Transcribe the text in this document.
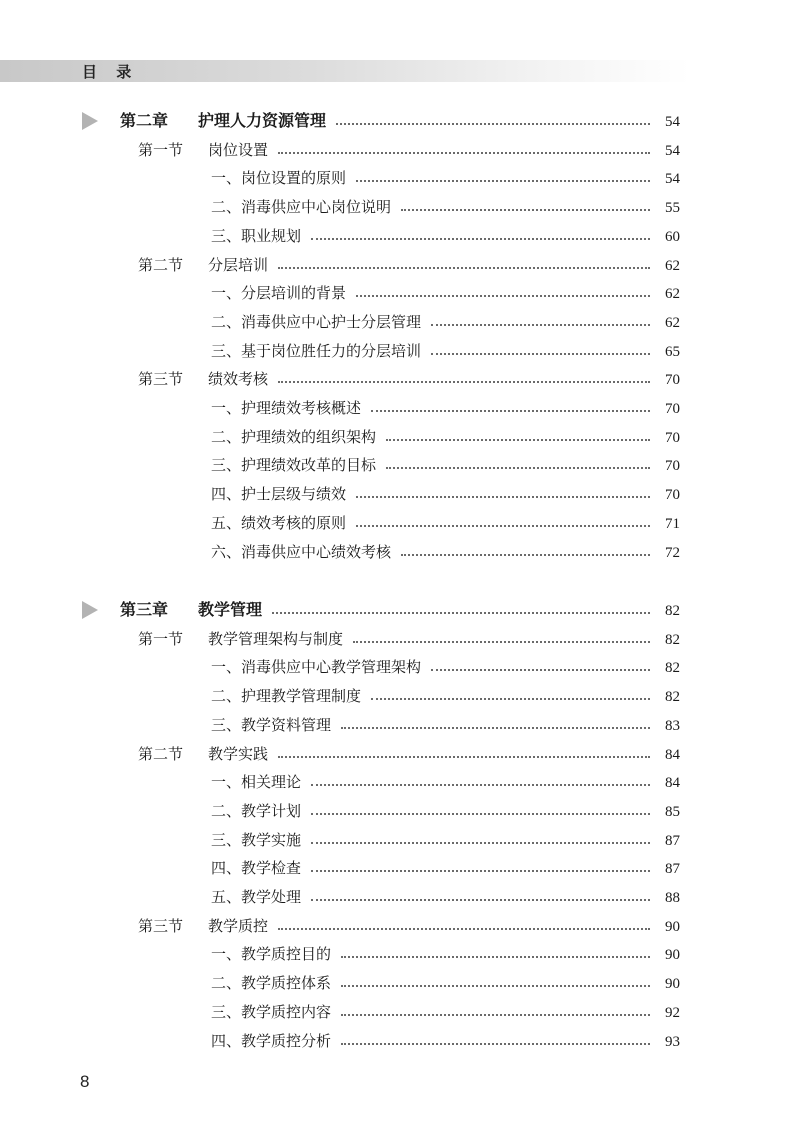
目 录
第二章	护理人力资源管理	54
第一节	岗位设置	54
一、岗位设置的原则	54
二、消毒供应中心岗位说明	55
三、职业规划	60
第二节	分层培训	62
一、分层培训的背景	62
二、消毒供应中心护士分层管理	62
三、基于岗位胜任力的分层培训	65
第三节	绩效考核	70
一、护理绩效考核概述	70
二、护理绩效的组织架构	70
三、护理绩效改革的目标	70
四、护士层级与绩效	70
五、绩效考核的原则	71
六、消毒供应中心绩效考核	72
第三章	教学管理	82
第一节	教学管理架构与制度	82
一、消毒供应中心教学管理架构	82
二、护理教学管理制度	82
三、教学资料管理	83
第二节	教学实践	84
一、相关理论	84
二、教学计划	85
三、教学实施	87
四、教学检查	87
五、教学处理	88
第三节	教学质控	90
一、教学质控目的	90
二、教学质控体系	90
三、教学质控内容	92
四、教学质控分析	93
8
